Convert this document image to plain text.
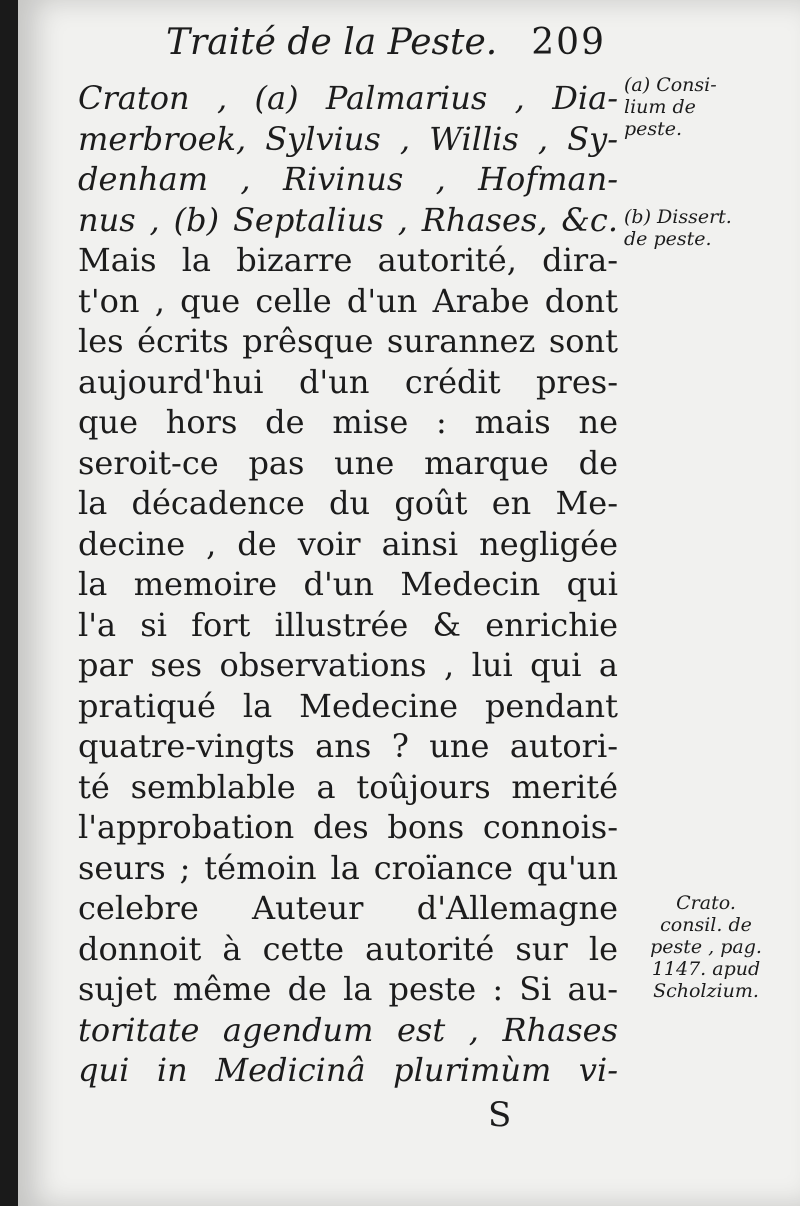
Traité de la Peste. 209
Craton , (a) Palmarius , Dia-
merbroek, Sylvius , Willis , Sy-
denham , Rivinus , Hofman-
nus , (b) Septalius , Rhases, &c.
Mais la bizarre autorité, dira-
t'on , que celle d'un Arabe dont
les écrits prêsque surannez sont
aujourd'hui d'un crédit pres-
que hors de mise : mais ne
seroit-ce pas une marque de
la décadence du goût en Me-
decine , de voir ainsi negligée
la memoire d'un Medecin qui
l'a si fort illustrée & enrichie
par ses observations , lui qui a
pratiqué la Medecine pendant
quatre-vingts ans ? une autori-
té semblable a toûjours merité
l'approbation des bons connois-
seurs ; témoin la croïance qu'un
celebre Auteur d'Allemagne
donnoit à cette autorité sur le
sujet même de la peste : Si au-
toritate agendum est , Rhases
qui in Medicinâ plurimùm vi-
(a) Consi-
lium de
peste.
(b) Dissert.
de peste.
Crato.
consil. de
peste , pag.
1147. apud
Scholzium.
S
